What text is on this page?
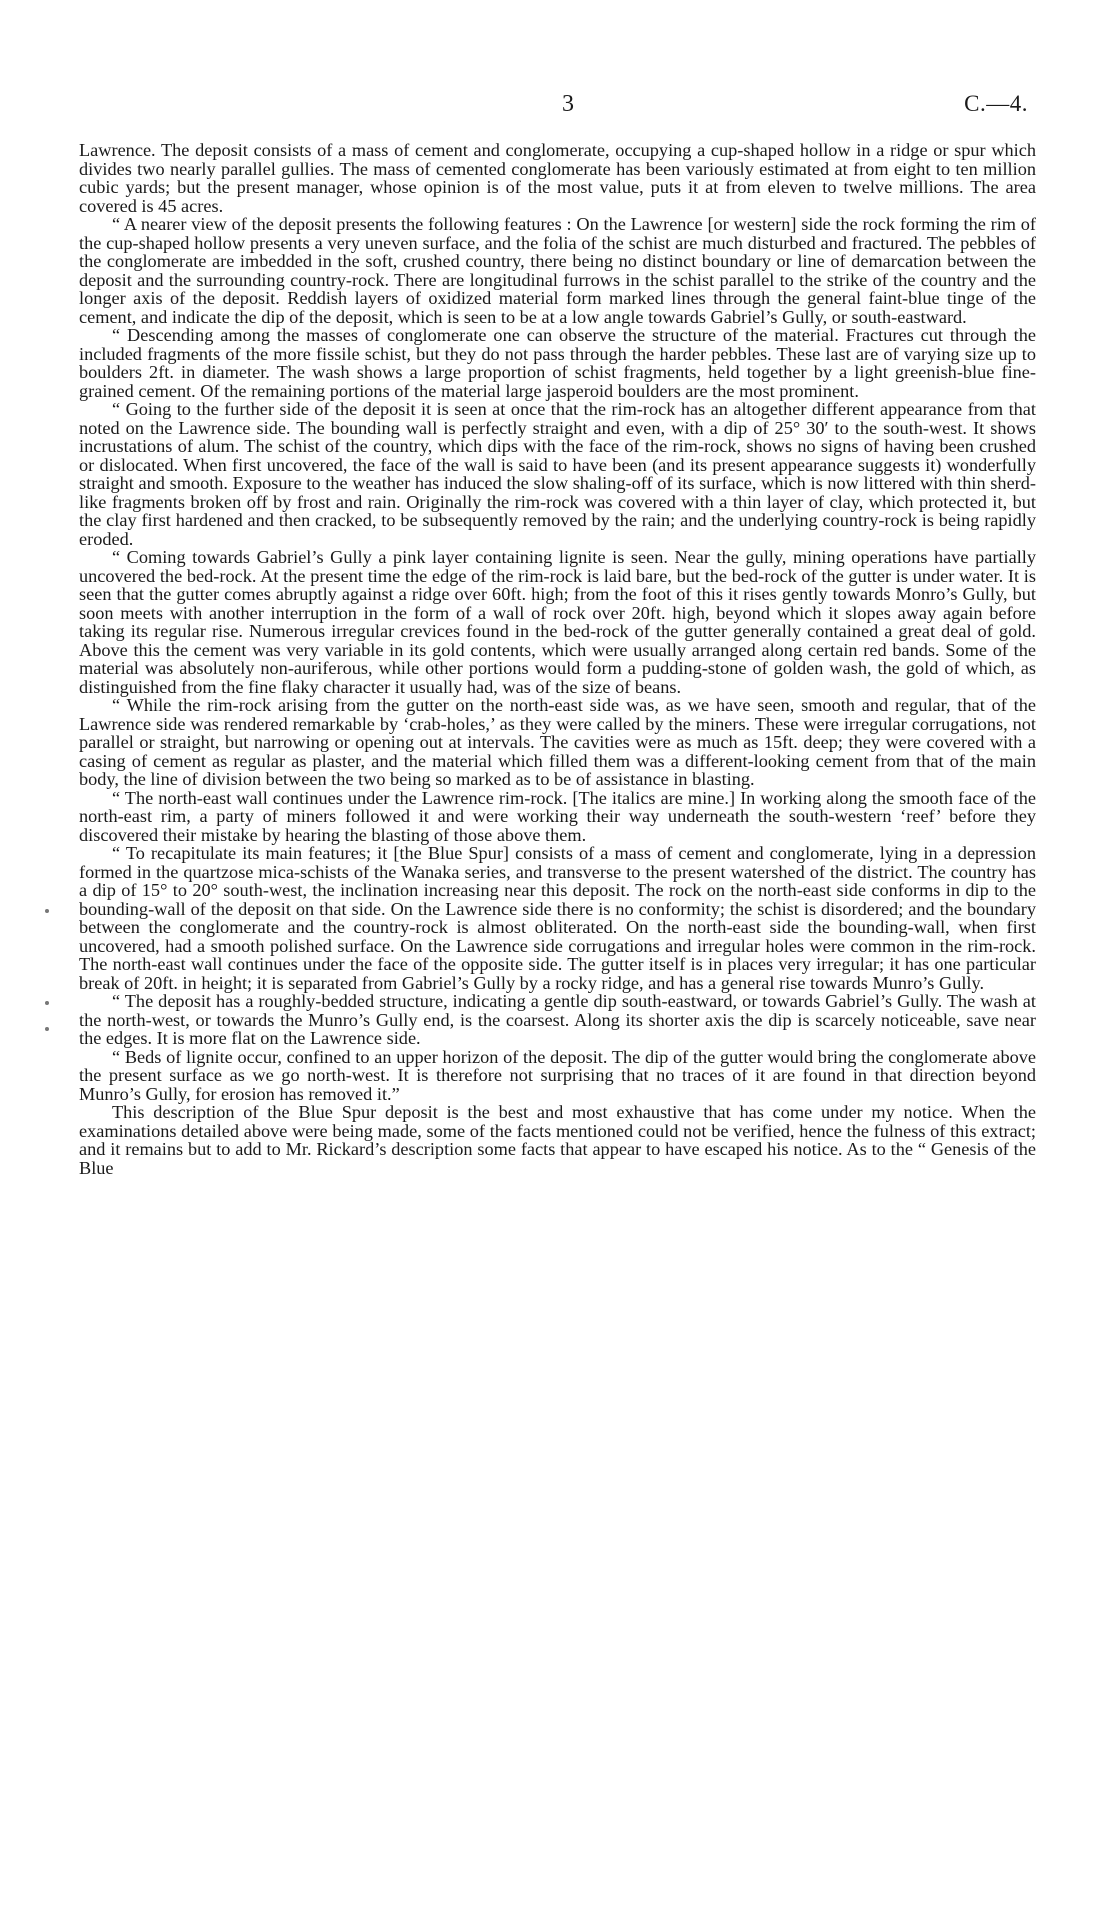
3	C.—4.

Lawrence. The deposit consists of a mass of cement and conglomerate, occupying a cup-shaped hollow in a ridge or spur which divides two nearly parallel gullies. The mass of cemented conglomerate has been variously estimated at from eight to ten million cubic yards; but the present manager, whose opinion is of the most value, puts it at from eleven to twelve millions. The area covered is 45 acres.

“ A nearer view of the deposit presents the following features : On the Lawrence [or western] side the rock forming the rim of the cup-shaped hollow presents a very uneven surface, and the folia of the schist are much disturbed and fractured. The pebbles of the conglomerate are imbedded in the soft, crushed country, there being no distinct boundary or line of demarcation between the deposit and the surrounding country-rock. There are longitudinal furrows in the schist parallel to the strike of the country and the longer axis of the deposit. Reddish layers of oxidized material form marked lines through the general faint-blue tinge of the cement, and indicate the dip of the deposit, which is seen to be at a low angle towards Gabriel’s Gully, or south-eastward.

“ Descending among the masses of conglomerate one can observe the structure of the material. Fractures cut through the included fragments of the more fissile schist, but they do not pass through the harder pebbles. These last are of varying size up to boulders 2ft. in diameter. The wash shows a large proportion of schist fragments, held together by a light greenish-blue fine-grained cement. Of the remaining portions of the material large jasperoid boulders are the most prominent.

“ Going to the further side of the deposit it is seen at once that the rim-rock has an altogether different appearance from that noted on the Lawrence side. The bounding wall is perfectly straight and even, with a dip of 25° 30′ to the south-west. It shows incrustations of alum. The schist of the country, which dips with the face of the rim-rock, shows no signs of having been crushed or dislocated. When first uncovered, the face of the wall is said to have been (and its present appearance suggests it) wonderfully straight and smooth. Exposure to the weather has induced the slow shaling-off of its surface, which is now littered with thin sherd-like fragments broken off by frost and rain. Originally the rim-rock was covered with a thin layer of clay, which protected it, but the clay first hardened and then cracked, to be subsequently removed by the rain; and the underlying country-rock is being rapidly eroded.

“ Coming towards Gabriel’s Gully a pink layer containing lignite is seen. Near the gully, mining operations have partially uncovered the bed-rock. At the present time the edge of the rim-rock is laid bare, but the bed-rock of the gutter is under water. It is seen that the gutter comes abruptly against a ridge over 60ft. high; from the foot of this it rises gently towards Monro’s Gully, but soon meets with another interruption in the form of a wall of rock over 20ft. high, beyond which it slopes away again before taking its regular rise. Numerous irregular crevices found in the bed-rock of the gutter generally contained a great deal of gold. Above this the cement was very variable in its gold contents, which were usually arranged along certain red bands. Some of the material was absolutely non-auriferous, while other portions would form a pudding-stone of golden wash, the gold of which, as distinguished from the fine flaky character it usually had, was of the size of beans.

“ While the rim-rock arising from the gutter on the north-east side was, as we have seen, smooth and regular, that of the Lawrence side was rendered remarkable by ‘crab-holes,’ as they were called by the miners. These were irregular corrugations, not parallel or straight, but narrowing or opening out at intervals. The cavities were as much as 15ft. deep; they were covered with a casing of cement as regular as plaster, and the material which filled them was a different-looking cement from that of the main body, the line of division between the two being so marked as to be of assistance in blasting.

“ The north-east wall continues under the Lawrence rim-rock. [The italics are mine.] In working along the smooth face of the north-east rim, a party of miners followed it and were working their way underneath the south-western ‘reef’ before they discovered their mistake by hearing the blasting of those above them.

“ To recapitulate its main features; it [the Blue Spur] consists of a mass of cement and conglomerate, lying in a depression formed in the quartzose mica-schists of the Wanaka series, and transverse to the present watershed of the district. The country has a dip of 15° to 20° south-west, the inclination increasing near this deposit. The rock on the north-east side conforms in dip to the bounding-wall of the deposit on that side. On the Lawrence side there is no conformity; the schist is disordered; and the boundary between the conglomerate and the country-rock is almost obliterated. On the north-east side the bounding-wall, when first uncovered, had a smooth polished surface. On the Lawrence side corrugations and irregular holes were common in the rim-rock. The north-east wall continues under the face of the opposite side. The gutter itself is in places very irregular; it has one particular break of 20ft. in height; it is separated from Gabriel’s Gully by a rocky ridge, and has a general rise towards Munro’s Gully.

“ The deposit has a roughly-bedded structure, indicating a gentle dip south-eastward, or towards Gabriel’s Gully. The wash at the north-west, or towards the Munro’s Gully end, is the coarsest. Along its shorter axis the dip is scarcely noticeable, save near the edges. It is more flat on the Lawrence side.

“ Beds of lignite occur, confined to an upper horizon of the deposit. The dip of the gutter would bring the conglomerate above the present surface as we go north-west. It is therefore not surprising that no traces of it are found in that direction beyond Munro’s Gully, for erosion has removed it.”

This description of the Blue Spur deposit is the best and most exhaustive that has come under my notice. When the examinations detailed above were being made, some of the facts mentioned could not be verified, hence the fulness of this extract; and it remains but to add to Mr. Rickard’s description some facts that appear to have escaped his notice. As to the “ Genesis of the Blue
